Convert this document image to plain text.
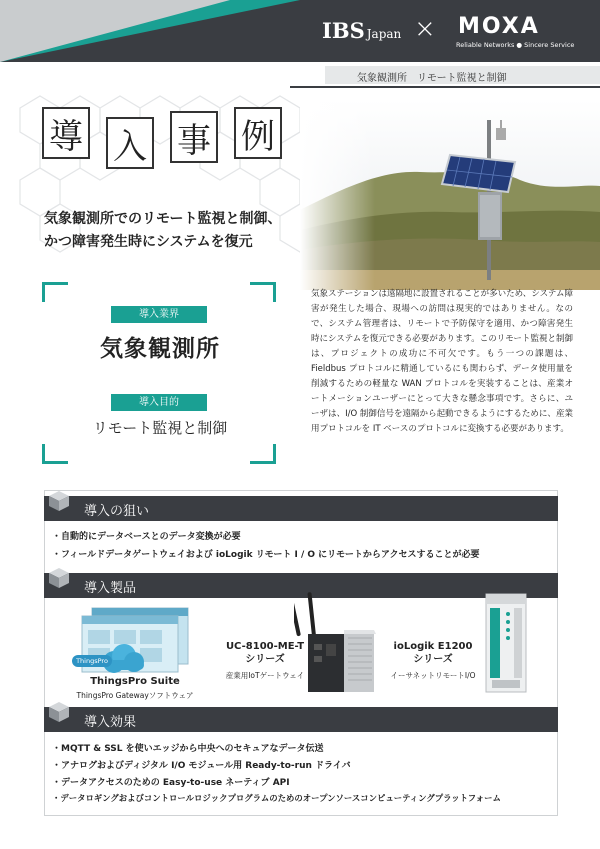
IBS Japan × MOXA
Reliable Networks ● Sincere Service
気象観測所　リモート監視と制御
導 入 事 例
気象観測所でのリモート監視と制御、
かつ障害発生時にシステムを復元
導入業界
気象観測所
導入目的
リモート監視と制御
気象ステーションは遠隔地に設置されることが多いため、システム障害が発生した場合、現場への訪問は現実的ではありません。なので、システム管理者は、リモートで予防保守を適用、かつ障害発生時にシステムを復元できる必要があります。このリモート監視と制御は、プロジェクトの成功に不可欠です。もう一つの課題は、Fieldbus プロトコルに精通しているにも関わらず、データ使用量を削減するための軽量な WAN プロトコルを実装することは、産業オートメーションユーザーにとって大きな懸念事項です。さらに、ユーザは、I/O 制御信号を遠隔から起動できるようにするために、産業用プロトコルを IT ベースのプロトコルに変換する必要があります。
導入の狙い
・自動的にデータベースとのデータ変換が必要
・フィールドデータゲートウェイおよび ioLogik リモート I / O にリモートからアクセスすることが必要
導入製品
ThingsPro
ThingsPro Suite
ThingsPro Gatewayソフトウェア
UC-8100-ME-T
シリーズ
産業用IoTゲートウェイ
ioLogik E1200
シリーズ
イーサネットリモートI/O
導入効果
・MQTT & SSL を使いエッジから中央へのセキュアなデータ伝送
・アナログおよびディジタル I/O モジュール用 Ready-to-run ドライバ
・データアクセスのための Easy-to-use ネーティブ API
・データロギングおよびコントロールロジックプログラムのためのオープンソースコンピューティングプラットフォーム
